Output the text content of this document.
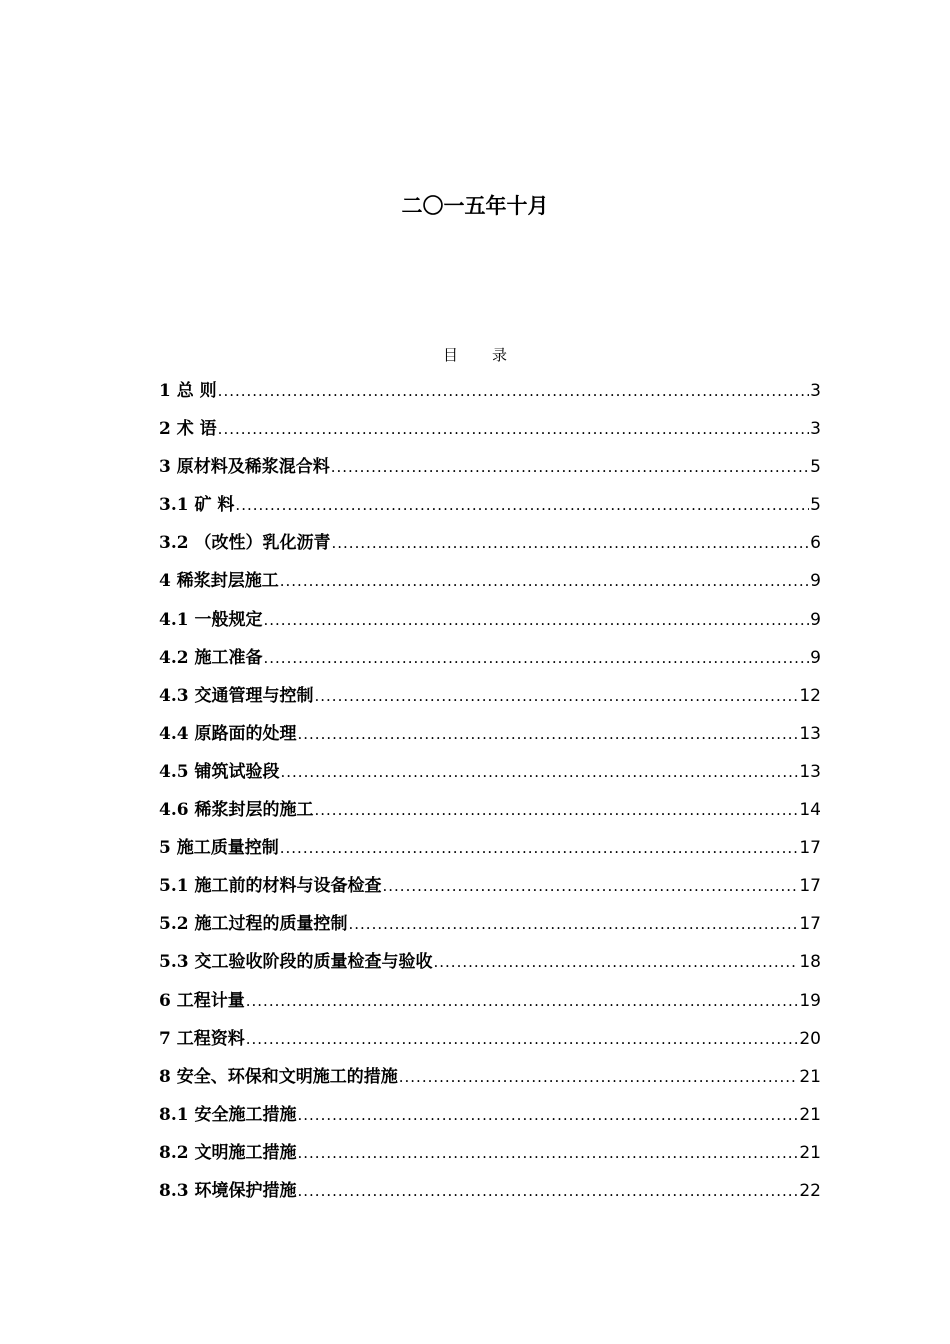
二〇一五年十月
目 录
1 总 则 .....	3
2 术 语 .....	3
3 原材料及稀浆混合料 .....	5
3.1 矿 料 .....	5
3.2 （改性）乳化沥青 .....	6
4 稀浆封层施工 .....	9
4.1 一般规定 .....	9
4.2 施工准备 .....	9
4.3 交通管理与控制 .....	12
4.4 原路面的处理 .....	13
4.5 铺筑试验段 .....	13
4.6 稀浆封层的施工 .....	14
5 施工质量控制 .....	17
5.1 施工前的材料与设备检查 .....	17
5.2 施工过程的质量控制 .....	17
5.3 交工验收阶段的质量检查与验收 .....	18
6 工程计量 .....	19
7 工程资料 .....	20
8 安全、环保和文明施工的措施 .....	21
8.1 安全施工措施 .....	21
8.2 文明施工措施 .....	21
8.3 环境保护措施 .....	22
